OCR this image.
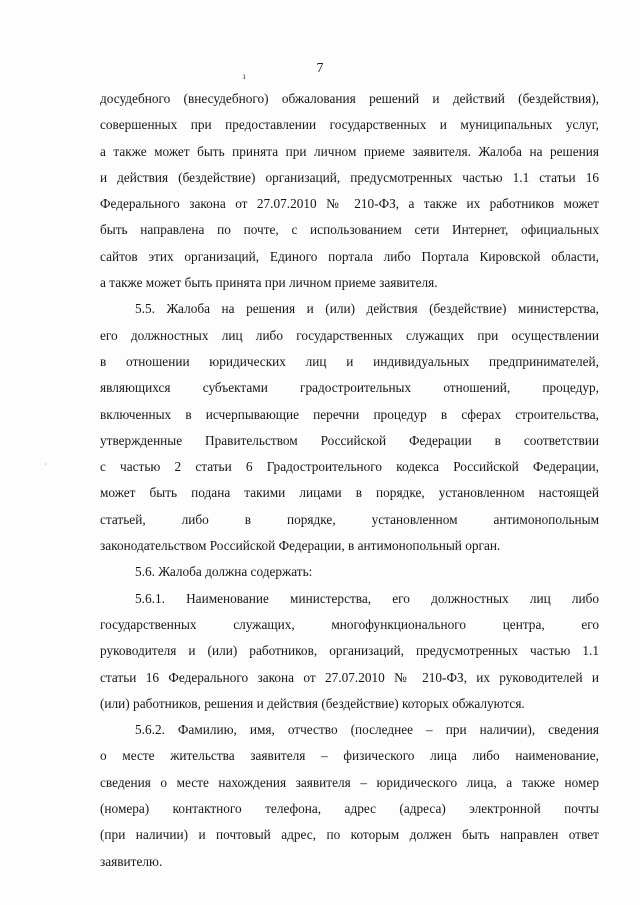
7
ı
·
досудебного (внесудебного) обжалования решений и действий (бездействия),
совершенных при предоставлении государственных и муниципальных услуг,
а также может быть принята при личном приеме заявителя. Жалоба на решения
и действия (бездействие) организаций, предусмотренных частью 1.1 статьи 16
Федерального закона от 27.07.2010 № 210-ФЗ, а также их работников может
быть направлена по почте, с использованием сети Интернет, официальных
сайтов этих организаций, Единого портала либо Портала Кировской области,
а также может быть принята при личном приеме заявителя.
5.5. Жалоба на решения и (или) действия (бездействие) министерства,
его должностных лиц либо государственных служащих при осуществлении
в отношении юридических лиц и индивидуальных предпринимателей,
являющихся субъектами градостроительных отношений, процедур,
включенных в исчерпывающие перечни процедур в сферах строительства,
утвержденные Правительством Российской Федерации в соответствии
с частью 2 статьи 6 Градостроительного кодекса Российской Федерации,
может быть подана такими лицами в порядке, установленном настоящей
статьей, либо в порядке, установленном антимонопольным
законодательством Российской Федерации, в антимонопольный орган.
5.6. Жалоба должна содержать:
5.6.1. Наименование министерства, его должностных лиц либо
государственных служащих, многофункционального центра, его
руководителя и (или) работников, организаций, предусмотренных частью 1.1
статьи 16 Федерального закона от 27.07.2010 № 210-ФЗ, их руководителей и
(или) работников, решения и действия (бездействие) которых обжалуются.
5.6.2. Фамилию, имя, отчество (последнее – при наличии), сведения
о месте жительства заявителя – физического лица либо наименование,
сведения о месте нахождения заявителя – юридического лица, а также номер
(номера) контактного телефона, адрес (адреса) электронной почты
(при наличии) и почтовый адрес, по которым должен быть направлен ответ
заявителю.
